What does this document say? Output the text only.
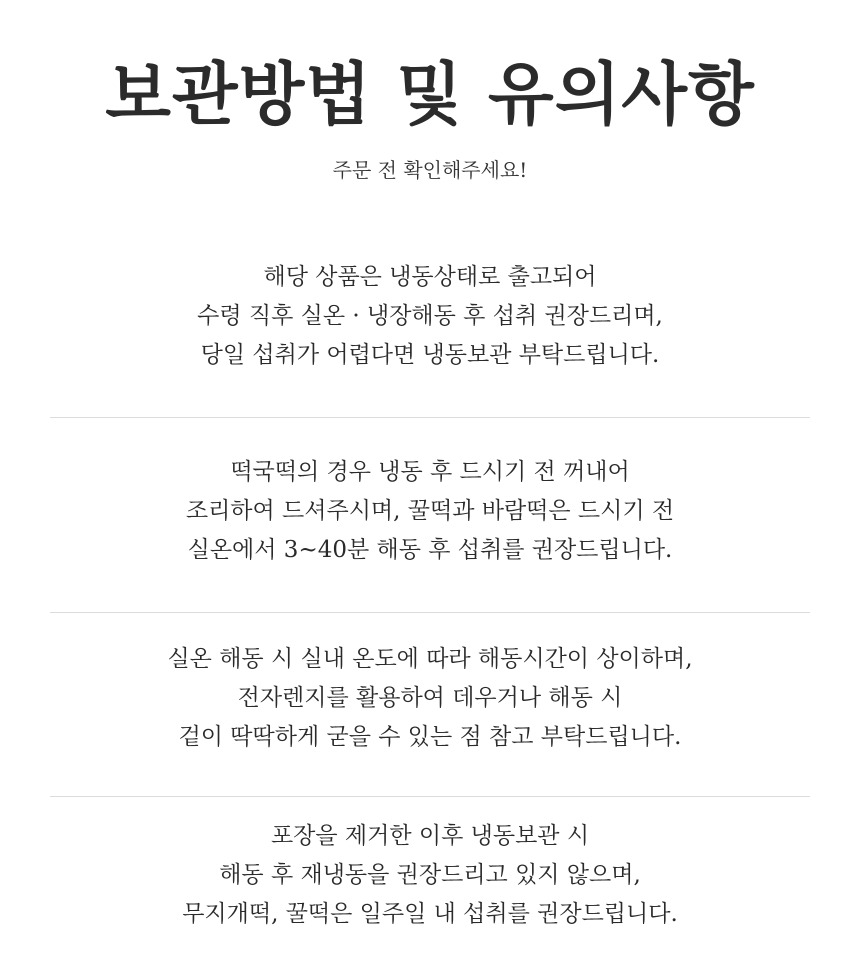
보관방법 및 유의사항
주문 전 확인해주세요!
해당 상품은 냉동상태로 출고되어
수령 직후 실온 · 냉장해동 후 섭취 권장드리며,
당일 섭취가 어렵다면 냉동보관 부탁드립니다.
떡국떡의 경우 냉동 후 드시기 전 꺼내어
조리하여 드셔주시며, 꿀떡과 바람떡은 드시기 전
실온에서 3~40분 해동 후 섭취를 권장드립니다.
실온 해동 시 실내 온도에 따라 해동시간이 상이하며,
전자렌지를 활용하여 데우거나 해동 시
겉이 딱딱하게 굳을 수 있는 점 참고 부탁드립니다.
포장을 제거한 이후 냉동보관 시
해동 후 재냉동을 권장드리고 있지 않으며,
무지개떡, 꿀떡은 일주일 내 섭취를 권장드립니다.
